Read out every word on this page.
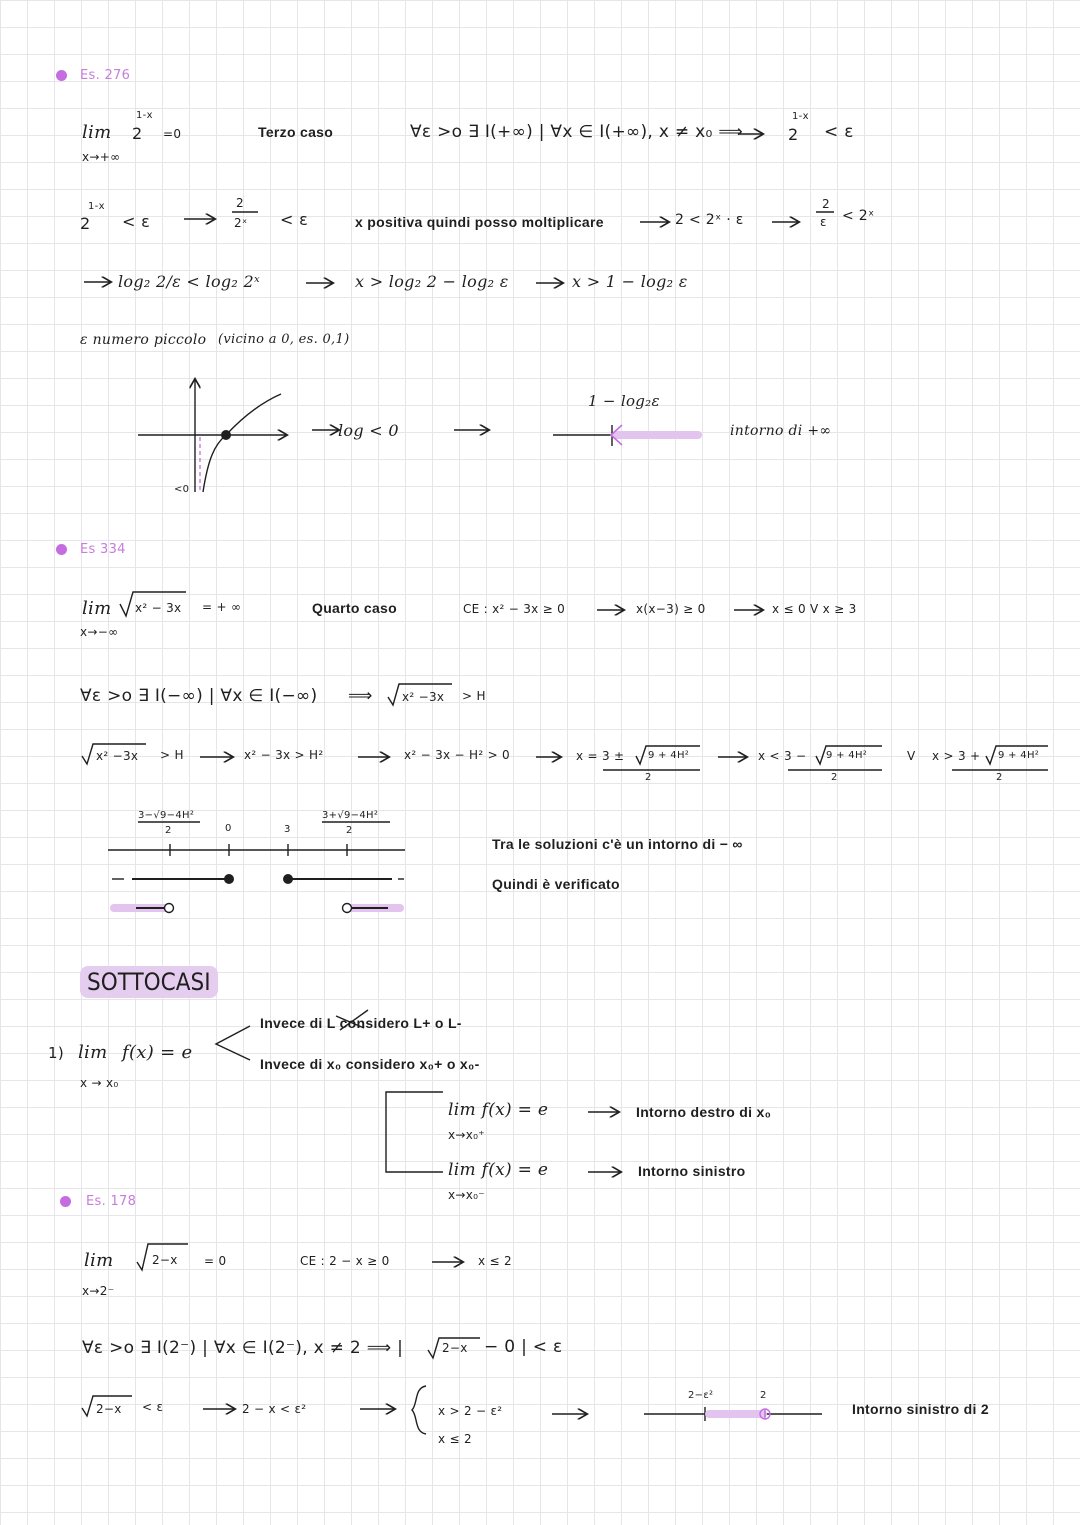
Es. 276
lim 2
1-x
=0
x→+∞
Terzo caso	∀ε >o ∃ I(+∞) | ∀x ∈ I(+∞), x ≠ x₀ ⟹	2
1-x
< ε
2
1-x
< ε
2
2ˣ < ε	x positiva quindi posso moltiplicare	2 < 2ˣ · ε
2
ε < 2ˣ
log₂ 2/ε < log₂ 2ˣ	x > log₂ 2 − log₂ ε	x > 1 − log₂ ε
ε numero piccolo (vicino a 0, es. 0,1)
<0
log < 0
1 − log₂ε
intorno di +∞
Es 334
lim x² − 3x = + ∞
x→−∞
Quarto caso	CE : x² − 3x ≥ 0	x(x−3) ≥ 0	x ≤ 0 V x ≥ 3
∀ε >o ∃ I(−∞) | ∀x ∈ I(−∞) ⟹ x² −3x > H
x² −3x > H	x² − 3x > H²	x² − 3x − H² > 0	x = 3 ± 9 + 4H²
2
x < 3 − 9 + 4H²
2
V x > 3 + 9 + 4H²
2
3−√9−4H²
2	0	3
3+√9−4H²
2
Tra le soluzioni c'è un intorno di − ∞
Quindi è verificato
SOTTOCASI
1) lim f(x) = e
x → x₀
Invece di L considero L+ o L-
Invece di x₀ considero x₀+ o x₀-
lim f(x) = e
x→x₀⁺
Intorno destro di x₀
lim f(x) = e
x→x₀⁻
Intorno sinistro
Es. 178
lim	2−x = 0
x→2⁻
CE : 2 − x ≥ 0	x ≤ 2
∀ε >o ∃ I(2⁻) | ∀x ∈ I(2⁻), x ≠ 2 ⟹ |	2−x − 0 | < ε
2−x < ε	2 − x < ε²	x > 2 − ε²
x ≤ 2
2−ε²	2
Intorno sinistro di 2
